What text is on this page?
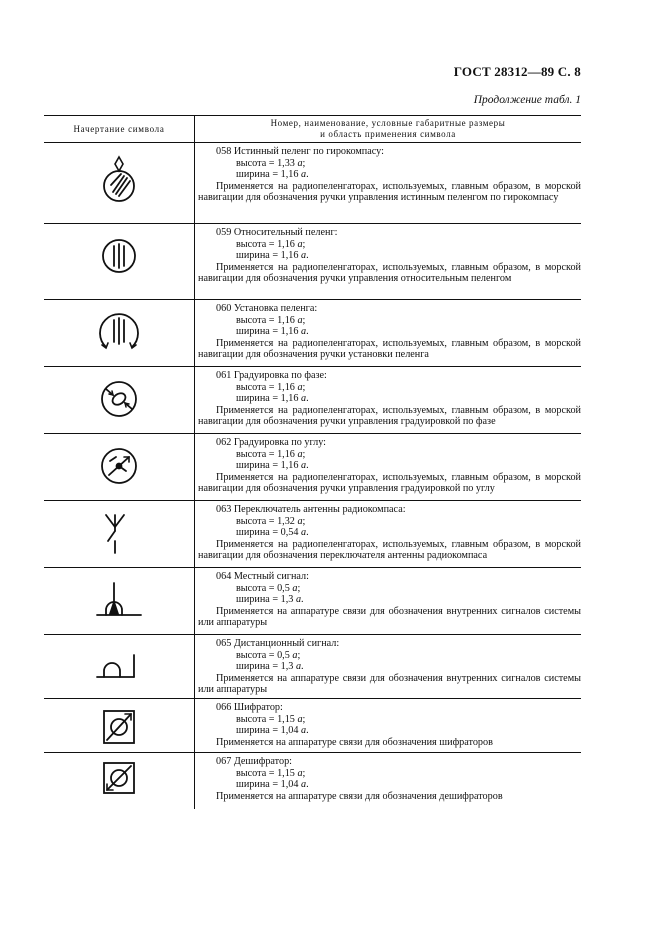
ГОСТ 28312—89 С. 8
Продолжение табл. 1
Начертание символа
Номер, наименование, условные габаритные размеры
и область применения символа
058 Истинный пеленг по гирокомпасу:
высота = 1,33 a;
ширина = 1,16 a.
Применяется на радиопеленгаторах, используемых, главным образом, в морской навигации для обозначения ручки управления истинным пеленгом по гирокомпасу
059 Относительный пеленг:
высота = 1,16 a;
ширина = 1,16 a.
Применяется на радиопеленгаторах, используемых, главным образом, в морской навигации для обозначения ручки управления относительным пеленгом
060 Установка пеленга:
высота = 1,16 a;
ширина = 1,16 a.
Применяется на радиопеленгаторах, используемых, главным образом, в морской навигации для обозначения ручки установки пеленга
061 Градуировка по фазе:
высота = 1,16 a;
ширина = 1,16 a.
Применяется на радиопеленгаторах, используемых, главным образом, в морской навигации для обозначения ручки управления градуировкой по фазе
062 Градуировка по углу:
высота = 1,16 a;
ширина = 1,16 a.
Применяется на радиопеленгаторах, используемых, главным образом, в морской навигации для обозначения ручки управления градуировкой по углу
063 Переключатель антенны радиокомпаса:
высота = 1,32 a;
ширина = 0,54 a.
Применяется на радиопеленгаторах, используемых, главным образом, в морской навигации для обозначения переключателя антенны радиокомпаса
064 Местный сигнал:
высота = 0,5 a;
ширина = 1,3 a.
Применяется на аппаратуре связи для обозначения внутренних сигналов системы или аппаратуры
065 Дистанционный сигнал:
высота = 0,5 a;
ширина = 1,3 a.
Применяется на аппаратуре связи для обозначения внутренних сигналов системы или аппаратуры
066 Шифратор:
высота = 1,15 a;
ширина = 1,04 a.
Применяется на аппаратуре связи для обозначения шифраторов
067 Дешифратор:
высота = 1,15 a;
ширина = 1,04 a.
Применяется на аппаратуре связи для обозначения дешифраторов
